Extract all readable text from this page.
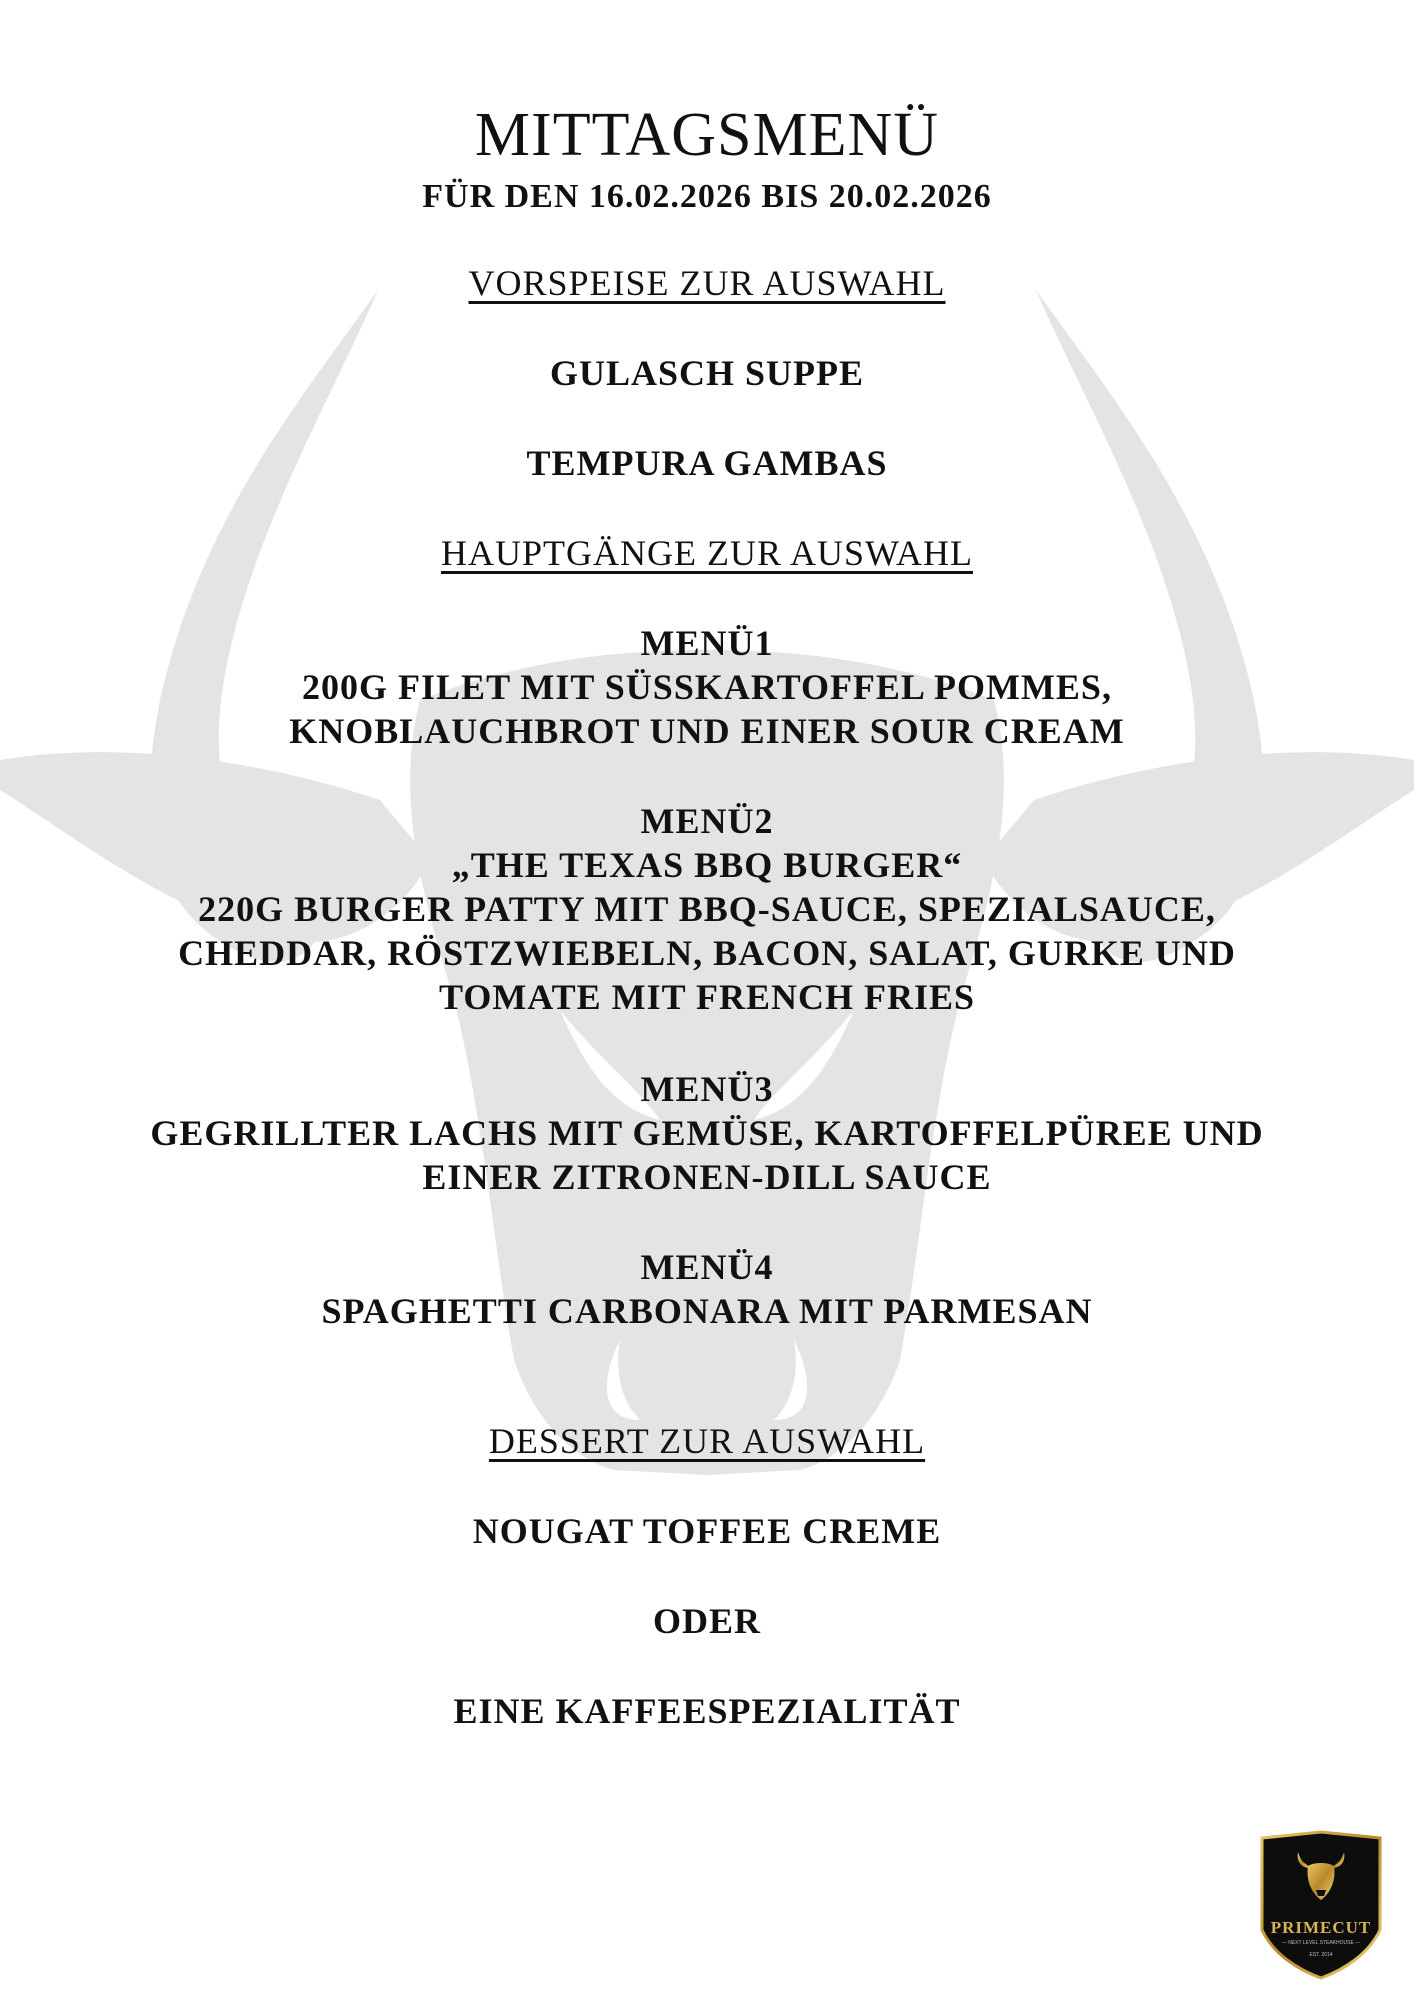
MITTAGSMENÜ
FÜR DEN 16.02.2026 BIS 20.02.2026
VORSPEISE ZUR AUSWAHL
GULASCH SUPPE
TEMPURA GAMBAS
HAUPTGÄNGE ZUR AUSWAHL
MENÜ1
200G FILET MIT SÜSSKARTOFFEL POMMES,
KNOBLAUCHBROT UND EINER SOUR CREAM
MENÜ2
„THE TEXAS BBQ BURGER“
220G BURGER PATTY MIT BBQ-SAUCE, SPEZIALSAUCE,
CHEDDAR, RÖSTZWIEBELN, BACON, SALAT, GURKE UND
TOMATE MIT FRENCH FRIES
MENÜ3
GEGRILLTER LACHS MIT GEMÜSE, KARTOFFELPÜREE UND
EINER ZITRONEN-DILL SAUCE
MENÜ4
SPAGHETTI CARBONARA MIT PARMESAN
DESSERT ZUR AUSWAHL
NOUGAT TOFFEE CREME
ODER
EINE KAFFEESPEZIALITÄT
PRIMECUT
— NEXT LEVEL STEAKHOUSE —
EST. 2014
